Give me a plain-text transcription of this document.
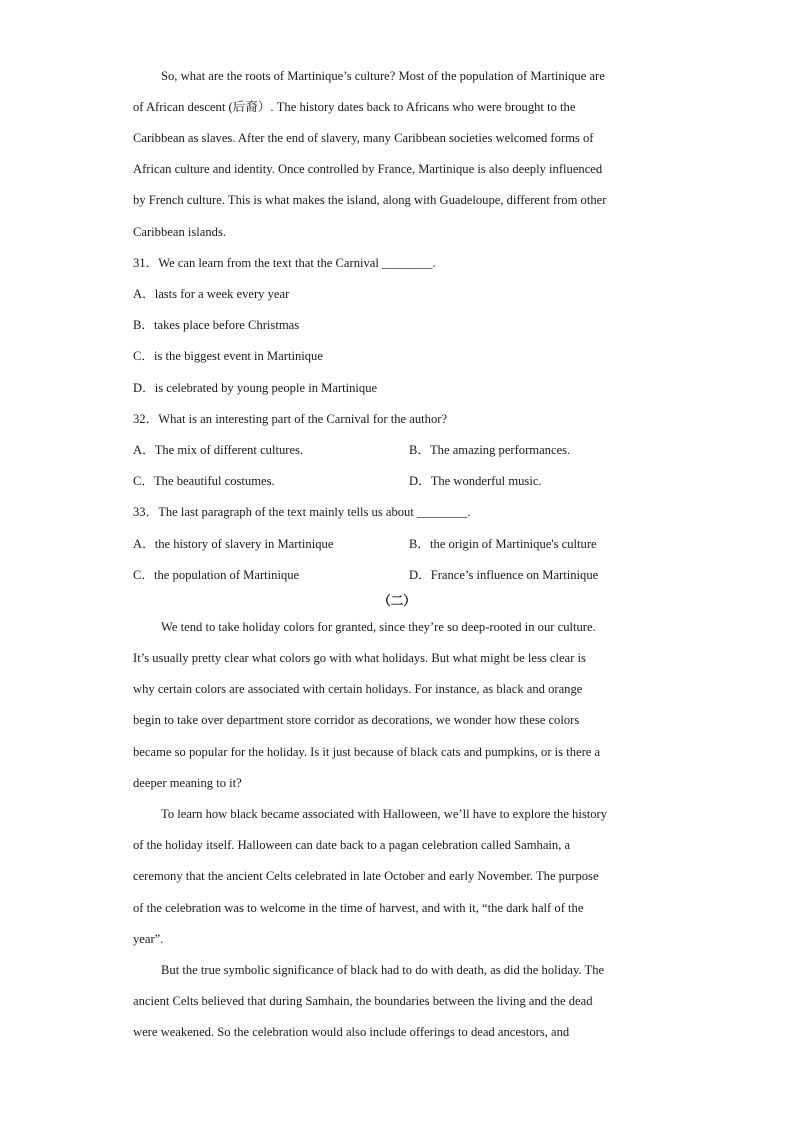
So, what are the roots of Martinique’s culture? Most of the population of Martinique are
of African descent (后裔）. The history dates back to Africans who were brought to the
Caribbean as slaves. After the end of slavery, many Caribbean societies welcomed forms of
African culture and identity. Once controlled by France, Martinique is also deeply influenced
by French culture. This is what makes the island, along with Guadeloupe, different from other
Caribbean islands.
31．We can learn from the text that the Carnival ________.
A．lasts for a week every year
B．takes place before Christmas
C．is the biggest event in Martinique
D．is celebrated by young people in Martinique
32．What is an interesting part of the Carnival for the author?
A．The mix of different cultures.	B．The amazing performances.
C．The beautiful costumes.	D．The wonderful music.
33．The last paragraph of the text mainly tells us about ________.
A．the history of slavery in Martinique	B．the origin of Martinique's culture
C．the population of Martinique	D．France’s influence on Martinique
（二）
We tend to take holiday colors for granted, since they’re so deep-rooted in our culture.
It’s usually pretty clear what colors go with what holidays. But what might be less clear is
why certain colors are associated with certain holidays. For instance, as black and orange
begin to take over department store corridor as decorations, we wonder how these colors
became so popular for the holiday. Is it just because of black cats and pumpkins, or is there a
deeper meaning to it?
To learn how black became associated with Halloween, we’ll have to explore the history
of the holiday itself. Halloween can date back to a pagan celebration called Samhain, a
ceremony that the ancient Celts celebrated in late October and early November. The purpose
of the celebration was to welcome in the time of harvest, and with it, “the dark half of the
year”.
But the true symbolic significance of black had to do with death, as did the holiday. The
ancient Celts believed that during Samhain, the boundaries between the living and the dead
were weakened. So the celebration would also include offerings to dead ancestors, and
